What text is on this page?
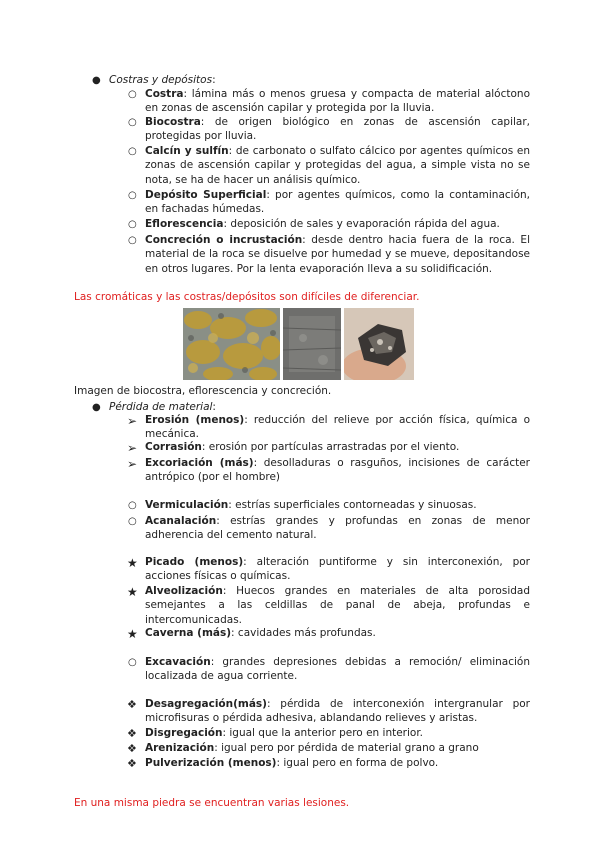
● Costras y depósitos:
○ Costra: lámina más o menos gruesa y compacta de material alóctono en zonas de ascensión capilar y protegida por la lluvia.
○ Biocostra: de origen biológico en zonas de ascensión capilar, protegidas por lluvia.
○ Calcín y sulfín: de carbonato o sulfato cálcico por agentes químicos en zonas de ascensión capilar y protegidas del agua, a simple vista no se nota, se ha de hacer un análisis químico.
○ Depósito Superficial: por agentes químicos, como la contaminación, en fachadas húmedas.
○ Eflorescencia: deposición de sales y evaporación rápida del agua.
○ Concreción o incrustación: desde dentro hacia fuera de la roca. El material de la roca se disuelve por humedad y se mueve, depositandose en otros lugares. Por la lenta evaporación lleva a su solidificación.
Las cromáticas y las costras/depósitos son difíciles de diferenciar.
Imagen de biocostra, eflorescencia y concreción.
● Pérdida de material:
➢ Erosión (menos): reducción del relieve por acción física, química o mecánica.
➢ Corrasión: erosión por partículas arrastradas por el viento.
➢ Excoriación (más): desolladuras o rasguños, incisiones de carácter antrópico (por el hombre)
○ Vermiculación: estrías superficiales contorneadas y sinuosas.
○ Acanalación: estrías grandes y profundas en zonas de menor adherencia del cemento natural.
★ Picado (menos): alteración puntiforme y sin interconexión, por acciones físicas o químicas.
★ Alveolización: Huecos grandes en materiales de alta porosidad semejantes a las celdillas de panal de abeja, profundas e intercomunicadas.
★ Caverna (más): cavidades más profundas.
○ Excavación: grandes depresiones debidas a remoción/ eliminación localizada de agua corriente.
❖ Desagregación(más): pérdida de interconexión intergranular por microfisuras o pérdida adhesiva, ablandando relieves y aristas.
❖ Disgregación: igual que la anterior pero en interior.
❖ Arenización: igual pero por pérdida de material grano a grano
❖ Pulverización (menos): igual pero en forma de polvo.
En una misma piedra se encuentran varias lesiones.
